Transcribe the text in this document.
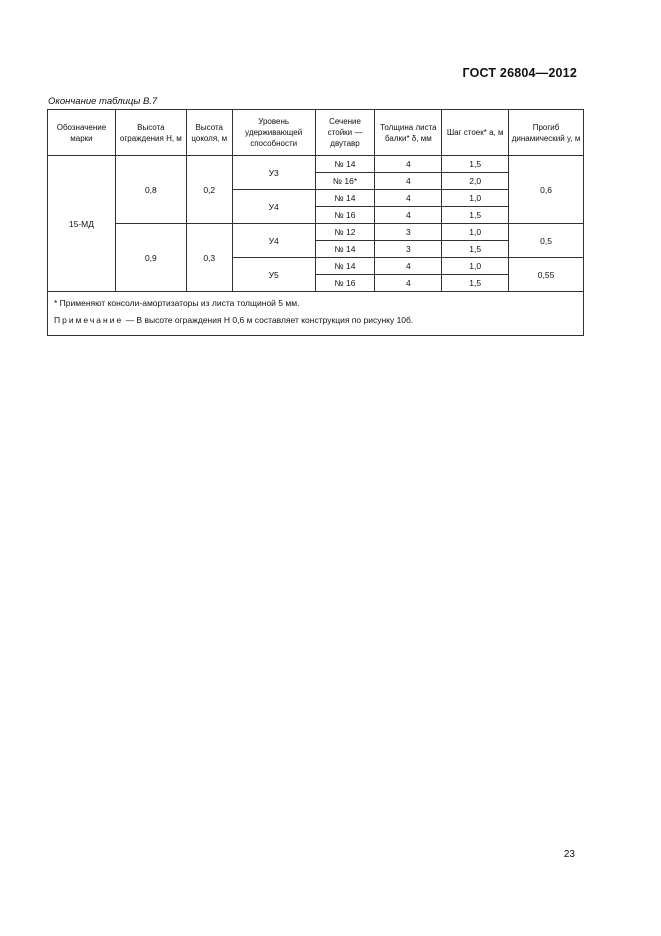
ГОСТ 26804—2012
Окончание таблицы В.7
Обозначение марки	Высота ограждения H, м	Высота цоколя, м	Уровень удерживающей способности	Сечение стойки — двутавр	Толщина листа балки* δ, мм	Шаг стоек* a, м	Прогиб динамический y, м
15-МД	0,8	0,2	У3	№ 14	4	1,5	0,6
				№ 16*	4	2,0	
			У4	№ 14	4	1,0	
				№ 16	4	1,5	
	0,9	0,3	У4	№ 12	3	1,0	0,5
				№ 14	3	1,5	
			У5	№ 14	4	1,0	0,55
				№ 16	4	1,5	

* Применяют консоли-амортизаторы из листа толщиной 5 мм.
Примечание — В высоте ограждения H 0,6 м составляет конструкция по рисунку 10б.							
23
